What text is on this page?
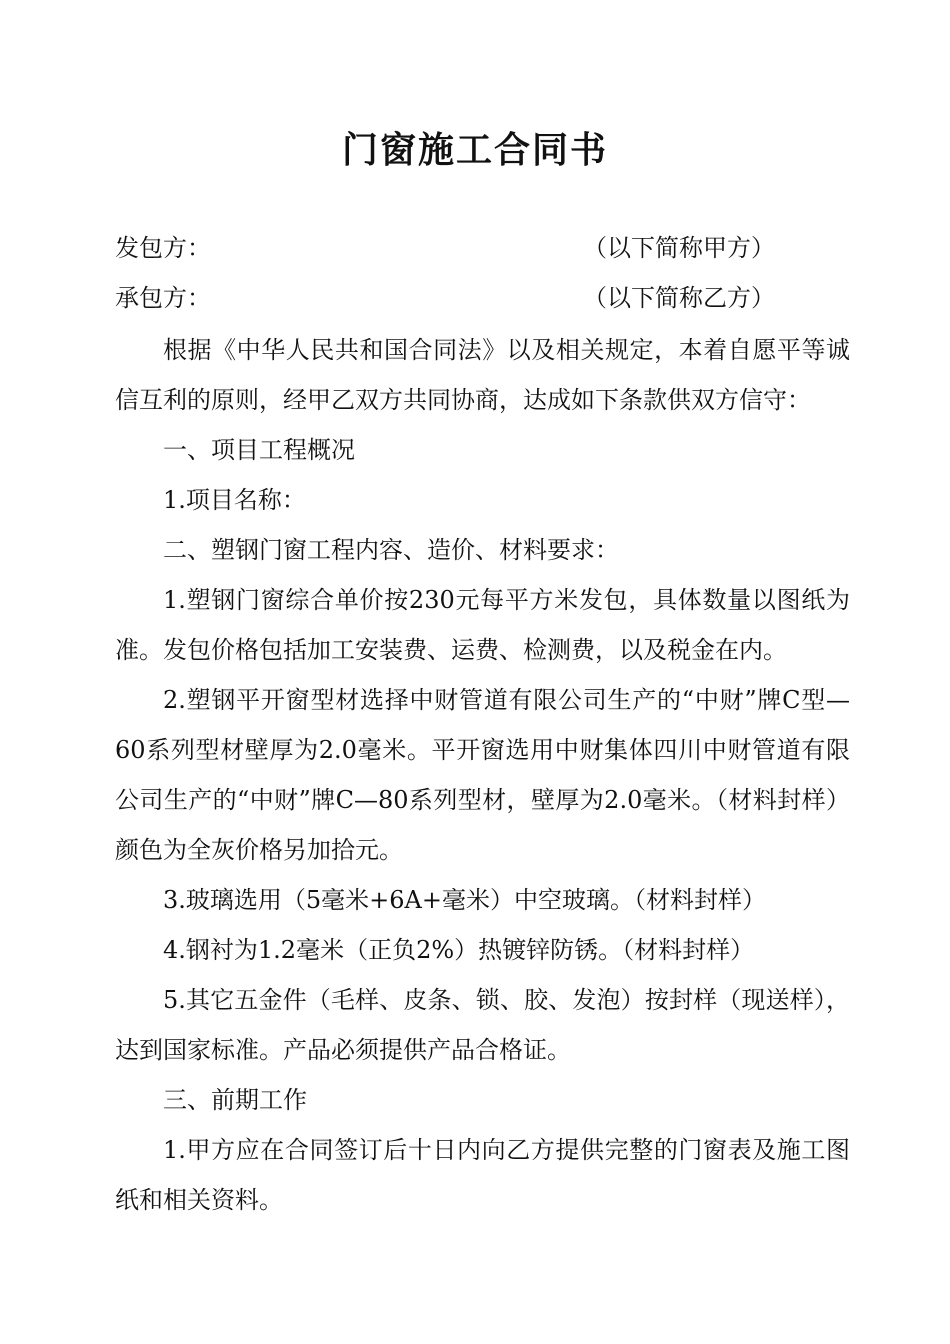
门窗施工合同书
发包方：	（以下简称甲方）
承包方：	（以下简称乙方）

根据《中华人民共和国合同法》以及相关规定，本着自愿平等诚信互利的原则，经甲乙双方共同协商，达成如下条款供双方信守：

一、项目工程概况

1.项目名称：

二、塑钢门窗工程内容、造价、材料要求：

1.塑钢门窗综合单价按230元每平方米发包，具体数量以图纸为准。发包价格包括加工安装费、运费、检测费，以及税金在内。

2.塑钢平开窗型材选择中财管道有限公司生产的“中财”牌C型—60系列型材壁厚为2.0毫米。平开窗选用中财集体四川中财管道有限公司生产的“中财”牌C—80系列型材，壁厚为2.0毫米。（材料封样）颜色为全灰价格另加拾元。

3.玻璃选用（5毫米+6A+毫米）中空玻璃。（材料封样）

4.钢衬为1.2毫米（正负2%）热镀锌防锈。（材料封样）

5.其它五金件（毛样、皮条、锁、胶、发泡）按封样（现送样），达到国家标准。产品必须提供产品合格证。

三、前期工作

1.甲方应在合同签订后十日内向乙方提供完整的门窗表及施工图纸和相关资料。
